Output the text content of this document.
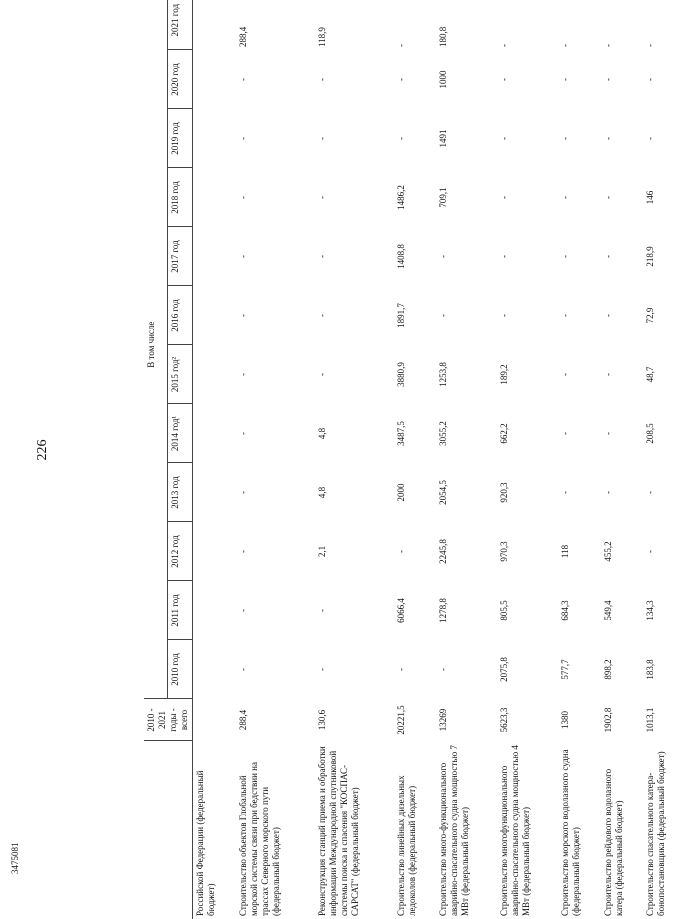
226
	2010 - 2021 годы - всего	В том числе											
		2010 год	2011 год	2012 год	2013 год	2014 год¹	2015 год²	2016 год	2017 год	2018 год	2019 год	2020 год	2021 год
Российской Федерации (федеральный бюджет)													
Строительство объектов Глобальной морской системы связи при бедствии на трассах Северного морского пути (федеральный бюджет)	288,4	-	-	-	-	-	-	-	-	-	-	-	288,4
Реконструкция станций приема и обработки информации Международной спутниковой системы поиска и спасения "КОСПАС-САРСАТ" (федеральный бюджет)	130,6	-	-	2,1	4,8	4,8	-	-	-	-	-	-	118,9
Строительство линейных дизельных ледоколов (федеральный бюджет)	20221,5	-	6066,4	-	2000	3487,5	3880,9	1891,7	1408,8	1486,2	-	-	-
Строительство много-функционального аварийно-спасательного судна мощностью 7 МВт (федеральный бюджет)	13269	-	1278,8	2245,8	2054,5	3055,2	1253,8	-	-	709,1	1491	1000	180,8
Строительство многофункционального аварийно-спасательного судна мощностью 4 МВт (федеральный бюджет)	5623,3	2075,8	805,5	970,3	920,3	662,2	189,2	-	-	-	-	-	-
Строительство морского водолазного судна (федеральный бюджет)	1380	577,7	684,3	118	-	-	-	-	-	-	-	-	-
Строительство рейдового водолазного катера (федеральный бюджет)	1902,8	898,2	549,4	455,2	-	-	-	-	-	-	-	-	-
Строительство спасательного катера-бонопостановщика (федеральный бюджет)	1013,1	183,8	134,3	-	-	208,5	48,7	72,9	218,9	146	-	-	-
3475081
